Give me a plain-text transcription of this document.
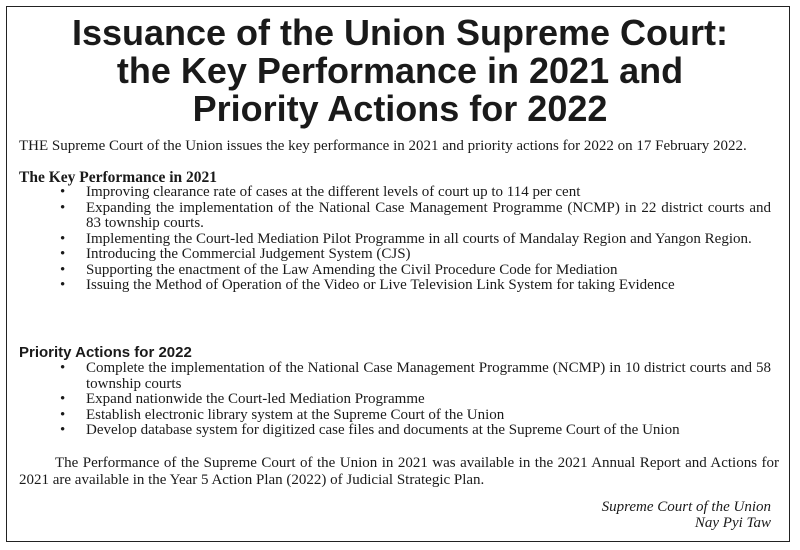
Issuance of the Union Supreme Court:
the Key Performance in 2021 and
Priority Actions for 2022
THE Supreme Court of the Union issues the key performance in 2021 and priority actions for 2022 on 17 February 2022.
The Key Performance in 2021
• Improving clearance rate of cases at the different levels of court up to 114 per cent
• Expanding the implementation of the National Case Management Programme (NCMP) in 22 district courts and 83 township courts.
• Implementing the Court-led Mediation Pilot Programme in all courts of Mandalay Region and Yangon Region.
• Introducing the Commercial Judgement System (CJS)
• Supporting the enactment of the Law Amending the Civil Procedure Code for Mediation
• Issuing the Method of Operation of the Video or Live Television Link System for taking Evidence
Priority Actions for 2022
• Complete the implementation of the National Case Management Programme (NCMP) in 10 district courts and 58 township courts
• Expand nationwide the Court-led Mediation Programme
• Establish electronic library system at the Supreme Court of the Union
• Develop database system for digitized case files and documents at the Supreme Court of the Union
The Performance of the Supreme Court of the Union in 2021 was available in the 2021 Annual Report and Actions for 2021 are available in the Year 5 Action Plan (2022) of Judicial Strategic Plan.
Supreme Court of the Union
Nay Pyi Taw
